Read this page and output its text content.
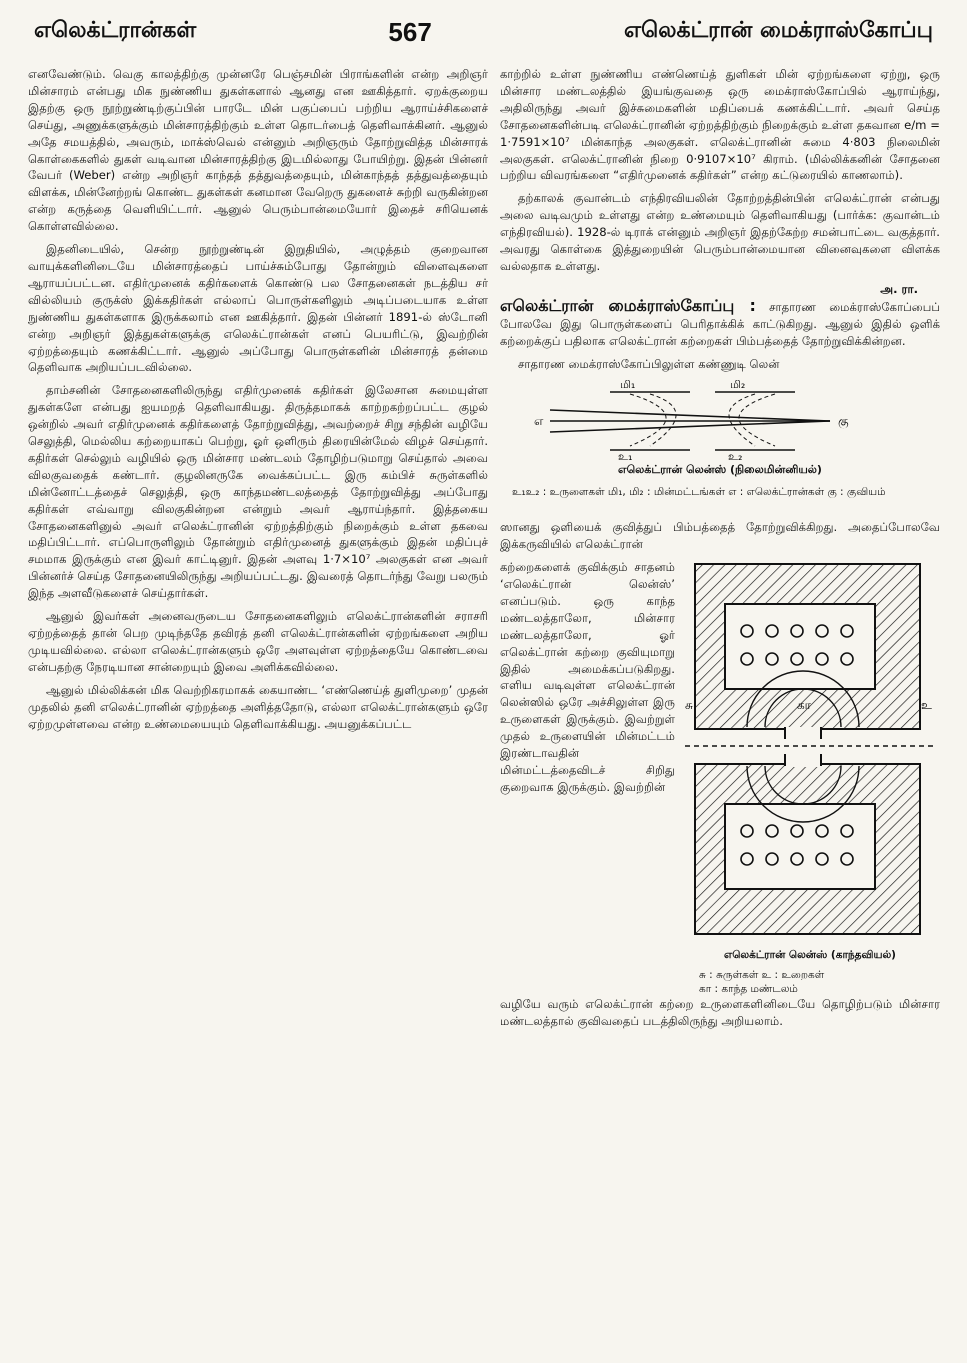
எலெக்ட்ரான்கள்	567	எலெக்ட்ரான் மைக்ராஸ்கோப்பு

எனவேண்டும். வெகு காலத்திற்கு முன்னரே பெஞ்சமின் பிராங்களின் என்ற அறிஞர் மின்சாரம் என்பது மிக நுண்ணிய துகள்களால் ஆனது என ஊகித்தார். ஏறக்குறைய இதற்கு ஒரு நூற்றுண்டிற்குப்பின் பாரடே மின் பகுப்பைப் பற்றிய ஆராய்ச்சிகளைச் செய்து, அணுக்களுக்கும் மின்சாரத்திற்கும் உள்ள தொடர்பைத் தெளிவாக்கினர். ஆனுல் அதே சமயத்தில், அவரும், மாக்ஸ்வெல் என்னும் அறிஞரும் தோற்றுவித்த மின்சாரக் கொள்கைகளில் துகள் வடிவான மின்சாரத்திற்கு இடமில்லாது போயிற்று. இதன் பின்னர் வேபர் (Weber) என்ற அறிஞர் காந்தத் தத்துவத்தையும், மின்காந்தத் தத்துவத்தையும் விளக்க, மின்னேற்றங் கொண்ட துகள்கள் கனமான வேறெரு துகளைச் சுற்றி வருகின்றன என்ற கருத்தை வெளியிட்டார். ஆனுல் பெரும்பான்மையோர் இதைச் சரியெனக் கொள்ளவில்லை.

இதனிடையில், சென்ற நூற்றுண்டின் இறுதியில், அழுத்தம் குறைவான வாயுக்களினிடையே மின்சாரத்தைப் பாய்ச்சும்போது தோன்றும் விளைவுகளை ஆராயப்பட்டன. எதிர்முனைக் கதிர்களைக் கொண்டு பல சோதனைகள் நடத்திய சர் வில்லியம் குருக்ஸ் இக்கதிர்கள் எல்லாப் பொருள்களிலும் அடிப்படையாக உள்ள நுண்ணிய துகள்களாக இருக்கலாம் என ஊகித்தார். இதன் பின்னர் 1891-ல் ஸ்டோனி என்ற அறிஞர் இத்துகள்களுக்கு எலெக்ட்ரான்கள் எனப் பெயரிட்டு, இவற்றின் ஏற்றத்தையும் கணக்கிட்டார். ஆனுல் அப்போது பொருள்களின் மின்சாரத் தன்மை தெளிவாக அறியப்படவில்லை.

தாம்சனின் சோதனைகளிலிருந்து எதிர்முனைக் கதிர்கள் இலேசான சுமையுள்ள துகள்களே என்பது ஐயமறத் தெளிவாகியது. திருத்தமாகக் காற்றகற்றப்பட்ட குழல் ஒன்றில் அவர் எதிர்முனைக் கதிர்களைத் தோற்றுவித்து, அவற்றைச் சிறு சந்தின் வழியே செலுத்தி, மெல்லிய கற்றையாகப் பெற்று, ஓர் ஒளிரும் திரையின்மேல் விழச் செய்தார். கதிர்கள் செல்லும் வழியில் ஒரு மின்சார மண்டலம் தோழிற்படுமாறு செய்தால் அவை விலகுவதைக் கண்டார். குழலினருகே வைக்கப்பட்ட இரு கம்பிச் சுருள்களில் மின்னோட்டத்தைச் செலுத்தி, ஒரு காந்தமண்டலத்தைத் தோற்றுவித்து அப்போது கதிர்கள் எவ்வாறு விலகுகின்றன என்றும் அவர் ஆராய்ந்தார். இத்தகைய சோதனைகளினுல் அவர் எலெக்ட்ரானின் ஏற்றத்திற்கும் நிறைக்கும் உள்ள தகவை மதிப்பிட்டார். எப்பொருளிலும் தோன்றும் எதிர்முனைத் துகளுக்கும் இதன் மதிப்புச் சமமாக இருக்கும் என இவர் காட்டினுர். இதன் அளவு 1·7×10⁷ அலகுகள் என அவர் பின்னர்ச் செய்த சோதனையிலிருந்து அறியப்பட்டது. இவரைத் தொடர்ந்து வேறு பலரும் இந்த அளவீடுகளைச் செய்தார்கள்.

ஆனுல் இவர்கள் அனைவருடைய சோதனைகளிலும் எலெக்ட்ரான்களின் சராசரி ஏற்றத்தைத் தான் பெற முடிந்ததே தவிரத் தனி எலெக்ட்ரான்களின் ஏற்றங்களை அறிய முடியவில்லை. எல்லா எலெக்ட்ரான்களும் ஒரே அளவுள்ள ஏற்றத்தையே கொண்டவை என்பதற்கு நேரடியான சான்றையும் இவை அளிக்கவில்லை.

ஆனுல் மில்லிக்கன் மிக வெற்றிகரமாகக் கையாண்ட ‘எண்ணெய்த் துளிமுறை’ முதன் முதலில் தனி எலெக்ட்ரானின் ஏற்றத்தை அளித்ததோடு, எல்லா எலெக்ட்ரான்களும் ஒரே ஏற்றமுள்ளவை என்ற உண்மையையும் தெளிவாக்கியது. அயனுக்கப்பட்ட

காற்றில் உள்ள நுண்ணிய எண்ணெய்த் துளிகள் மின் ஏற்றங்களை ஏற்று, ஒரு மின்சார மண்டலத்தில் இயங்குவதை ஒரு மைக்ராஸ்கோப்பில் ஆராய்ந்து, அதிலிருந்து அவர் இச்சுமைகளின் மதிப்பைக் கணக்கிட்டார். அவர் செய்த சோதனைகளின்படி எலெக்ட்ரானின் ஏற்றத்திற்கும் நிறைக்கும் உள்ள தகவான e/m = 1·7591×10⁷ மின்காந்த அலகுகள். எலெக்ட்ரானின் சுமை 4·803 நிலைமின் அலகுகள். எலெக்ட்ரானின் நிறை 0·9107×10⁷ கிராம். (மில்லிக்கனின் சோதனை பற்றிய விவரங்களை “எதிர்முனைக் கதிர்கள்” என்ற கட்டுரையில் காணலாம்).

தற்காலக் குவான்டம் எந்திரவியலின் தோற்றத்தின்பின் எலெக்ட்ரான் என்பது அலை வடிவமும் உள்ளது என்ற உண்மையும் தெளிவாகியது (பார்க்க: குவான்டம் எந்திரவியல்). 1928-ல் டிராக் என்னும் அறிஞர் இதற்கேற்ற சமன்பாட்டை வகுத்தார். அவரது கொள்கை இத்துறையின் பெரும்பான்மையான வினைவுகளை விளக்க வல்லதாக உள்ளது.

அ. ரா.

எலெக்ட்ரான் மைக்ராஸ்கோப்பு : சாதாரண மைக்ராஸ்கோப்பைப் போலவே இது பொருள்களைப் பெரிதாக்கிக் காட்டுகிறது. ஆனுல் இதில் ஒளிக் கற்றைக்குப் பதிலாக எலெக்ட்ரான் கற்றைகள் பிம்பத்தைத் தோற்றுவிக்கின்றன.

சாதாரண மைக்ராஸ்கோப்பிலுள்ள கண்ணுடி லென்

எ	கு
மி₁	மி₂
உ₁	உ₂
எலெக்ட்ரான் லென்ஸ் (நிலைமின்னியல்)
உ₁உ₂ : உருளைகள் மி₁, மி₂ : மின்மட்டங்கள் எ : எலெக்ட்ரான்கள் கு : குவியம்

ஸானது ஒளியைக் குவித்துப் பிம்பத்தைத் தோற்றுவிக்கிறது. அதைப்போலவே இக்கருவியில் எலெக்ட்ரான்

கற்றைகளைக் குவிக்கும் சாதனம் ‘எலெக்ட்ரான் லென்ஸ்’ எனப்படும். ஒரு காந்த மண்டலத்தாலோ, மின்சார மண்டலத்தாலோ, ஓர் எலெக்ட்ரான் கற்றை குவியுமாறு இதில் அமைக்கப்படுகிறது. எளிய வடிவுள்ள எலெக்ட்ரான் லென்ஸில் ஒரே அச்சிலுள்ள இரு உருளைகள் இருக்கும். இவற்றுள் முதல் உருளையின் மின்மட்டம் இரண்டாவதின் மின்மட்டத்தைவிடச் சிறிது குறைவாக இருக்கும். இவற்றின்

சு	கா	உ
எலெக்ட்ரான் லென்ஸ் (காந்தவியல்)
சு : சுருள்கள் உ : உறைகள்
கா : காந்த மண்டலம்

வழியே வரும் எலெக்ட்ரான் கற்றை உருளைகளினிடையே தொழிற்படும் மின்சார மண்டலத்தால் குவிவதைப் படத்திலிருந்து அறியலாம்.
